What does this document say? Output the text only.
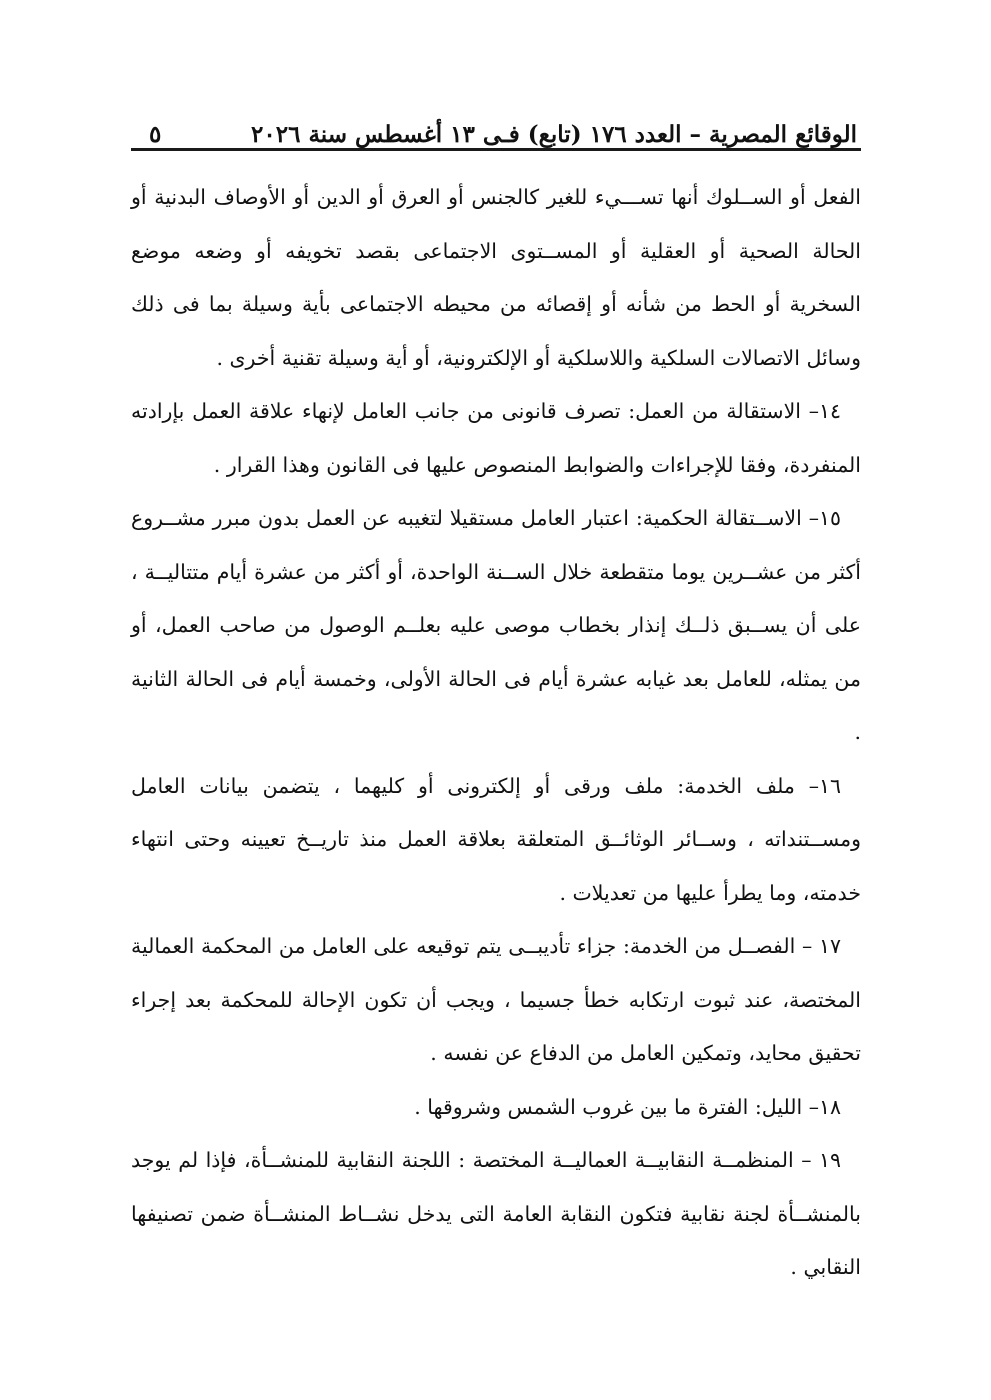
الوقائع المصرية – العدد ١٧٦ (تابع) فـى ١٣ أغسطس سنة ٢٠٢٦
٥

الفعل أو الســلوك أنها تســـيء للغير كالجنس أو العرق أو الدين أو الأوصاف البدنية أو الحالة الصحية أو العقلية أو المســتوى الاجتماعى بقصد تخويفه أو وضعه موضع السخرية أو الحط من شأنه أو إقصائه من محيطه الاجتماعى بأية وسيلة بما فى ذلك وسائل الاتصالات السلكية واللاسلكية أو الإلكترونية، أو أية وسيلة تقنية أخرى .

١٤– الاستقالة من العمل: تصرف قانونى من جانب العامل لإنهاء علاقة العمل بإرادته المنفردة، وفقا للإجراءات والضوابط المنصوص عليها فى القانون وهذا القرار .

١٥– الاســتقالة الحكمية: اعتبار العامل مستقيلا لتغيبه عن العمل بدون مبرر مشــروع أكثر من عشــرين يوما متقطعة خلال الســنة الواحدة، أو أكثر من عشرة أيام متتاليــة ، على أن يســبق ذلــك إنذار بخطاب موصى عليه بعلــم الوصول من صاحب العمل، أو من يمثله، للعامل بعد غيابه عشرة أيام فى الحالة الأولى، وخمسة أيام فى الحالة الثانية .

١٦– ملف الخدمة: ملف ورقى أو إلكترونى أو كليهما ، يتضمن بيانات العامل ومســتنداته ، وســائر الوثائــق المتعلقة بعلاقة العمل منذ تاريــخ تعيينه وحتى انتهاء خدمته، وما يطرأ عليها من تعديلات .

١٧ – الفصــل من الخدمة: جزاء تأديبــى يتم توقيعه على العامل من المحكمة العمالية المختصة، عند ثبوت ارتكابه خطأ جسيما ، ويجب أن تكون الإحالة للمحكمة بعد إجراء تحقيق محايد، وتمكين العامل من الدفاع عن نفسه .

١٨– الليل: الفترة ما بين غروب الشمس وشروقها .

١٩ – المنظمــة النقابيــة العماليــة المختصة : اللجنة النقابية للمنشــأة، فإذا لم يوجد بالمنشــأة لجنة نقابية فتكون النقابة العامة التى يدخل نشــاط المنشــأة ضمن تصنيفها النقابي .
